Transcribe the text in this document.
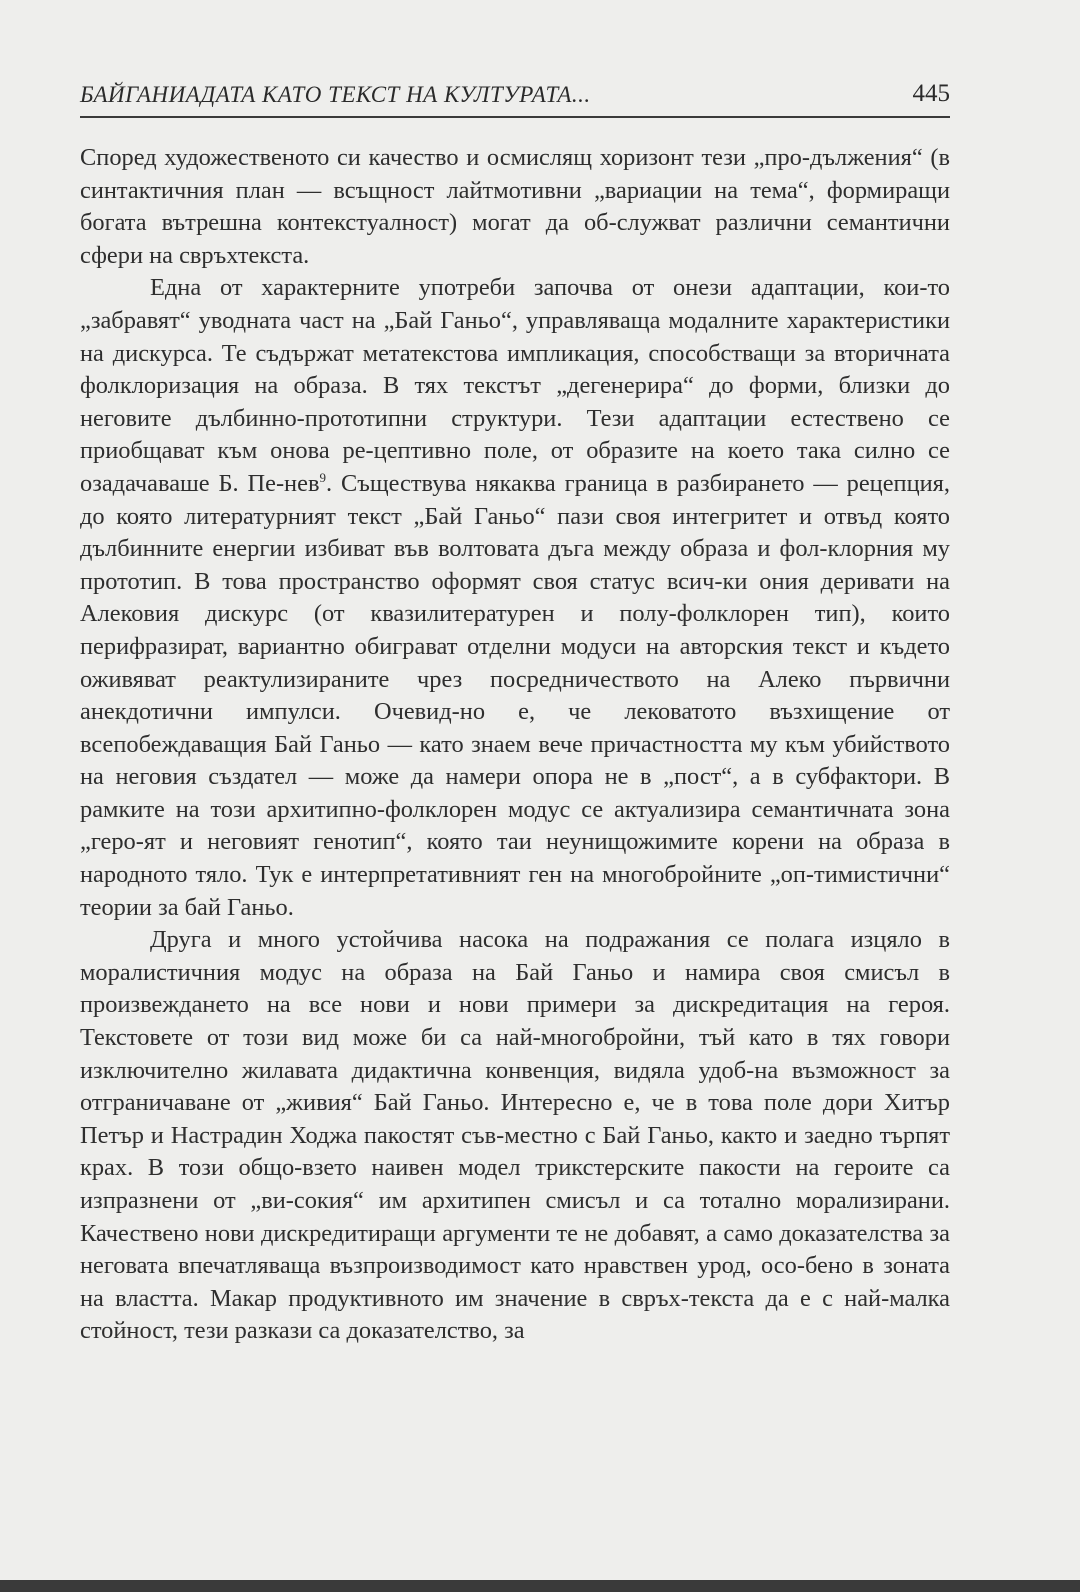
БАЙГАНИАДАТА КАТО ТЕКСТ НА КУЛТУРАТА...	445

Според художественото си качество и осмислящ хоризонт тези „про-дължения“ (в синтактичния план — всъщност лайтмотивни „вариации на тема“, формиращи богата вътрешна контекстуалност) могат да об-служват различни семантични сфери на свръхтекста.

Една от характерните употреби започва от онези адаптации, кои-то „забравят“ уводната част на „Бай Ганьо“, управляваща модалните характеристики на дискурса. Те съдържат метатекстова импликация, способстващи за вторичната фолклоризация на образа. В тях текстът „дегенерира“ до форми, близки до неговите дълбинно-прототипни структури. Тези адаптации естествено се приобщават към онова ре-цептивно поле, от образите на което така силно се озадачаваше Б. Пе-нев$^9$. Съществува някаква граница в разбирането — рецепция, до която литературният текст „Бай Ганьо“ пази своя интегритет и отвъд която дълбинните енергии избиват във волтовата дъга между образа и фол-клорния му прототип. В това пространство оформят своя статус всич-ки ония деривати на Алековия дискурс (от квазилитературен и полу-фолклорен тип), които перифразират, вариантно обиграват отделни модуси на авторския текст и където оживяват реактулизираните чрез посредничеството на Алеко първични анекдотични импулси. Очевид-но е, че лековатото възхищение от всепобеждаващия Бай Ганьо — като знаем вече причастността му към убийството на неговия създател — може да намери опора не в „пост“, а в субфактори. В рамките на този архитипно-фолклорен модус се актуализира семантичната зона „геро-ят и неговият генотип“, която таи неунищожимите корени на образа в народното тяло. Тук е интерпретативният ген на многобройните „оп-тимистични“ теории за бай Ганьо.

Друга и много устойчива насока на подражания се полага изцяло в моралистичния модус на образа на Бай Ганьо и намира своя смисъл в произвеждането на все нови и нови примери за дискредитация на героя. Текстовете от този вид може би са най-многобройни, тъй като в тях говори изключително жилавата дидактична конвенция, видяла удоб-на възможност за отграничаване от „живия“ Бай Ганьо. Интересно е, че в това поле дори Хитър Петър и Настрадин Ходжа пакостят съв-местно с Бай Ганьо, както и заедно търпят крах. В този общо-взето наивен модел трикстерските пакости на героите са изпразнени от „ви-сокия“ им архитипен смисъл и са тотално морализирани. Качествено нови дискредитиращи аргументи те не добавят, а само доказателства за неговата впечатляваща възпроизводимост като нравствен урод, осо-бено в зоната на властта. Макар продуктивното им значение в свръх-текста да е с най-малка стойност, тези разкази са доказателство, за
